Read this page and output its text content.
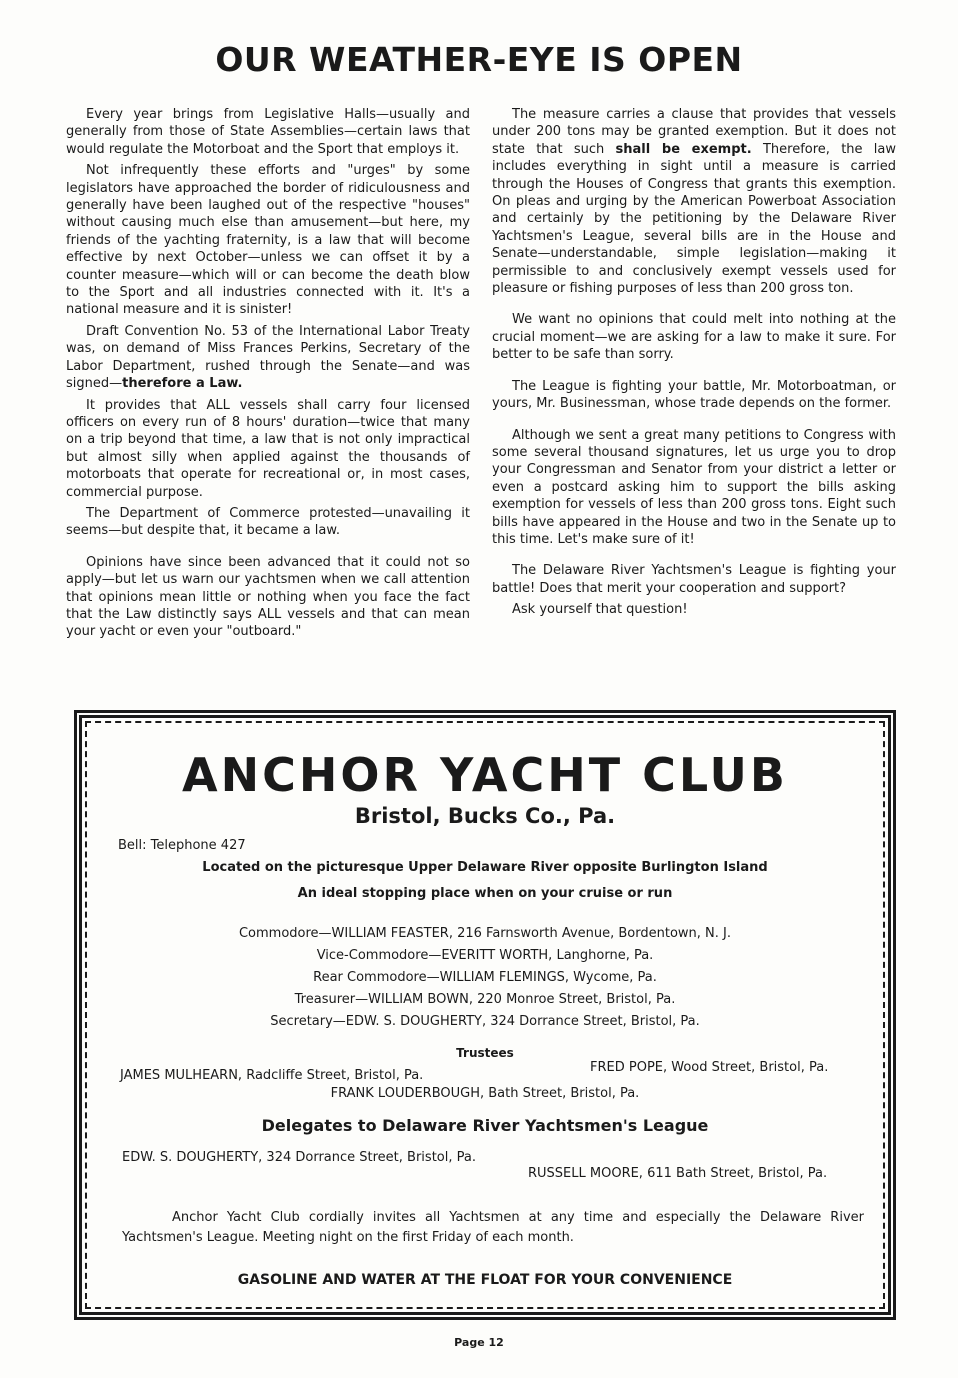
OUR WEATHER-EYE IS OPEN

Every year brings from Legislative Halls—usually and generally from those of State Assemblies—certain laws that would regulate the Motorboat and the Sport that employs it.

Not infrequently these efforts and "urges" by some legislators have approached the border of ridiculousness and generally have been laughed out of the respective "houses" without causing much else than amusement—but here, my friends of the yachting fraternity, is a law that will become effective by next October—unless we can offset it by a counter measure—which will or can become the death blow to the Sport and all industries connected with it. It's a national measure and it is sinister!

Draft Convention No. 53 of the International Labor Treaty was, on demand of Miss Frances Perkins, Secretary of the Labor Department, rushed through the Senate—and was signed—therefore a Law.

It provides that ALL vessels shall carry four licensed officers on every run of 8 hours' duration—twice that many on a trip beyond that time, a law that is not only impractical but almost silly when applied against the thousands of motorboats that operate for recreational or, in most cases, commercial purpose.

The Department of Commerce protested—unavailing it seems—but despite that, it became a law.

Opinions have since been advanced that it could not so apply—but let us warn our yachtsmen when we call attention that opinions mean little or nothing when you face the fact that the Law distinctly says ALL vessels and that can mean your yacht or even your "outboard."

The measure carries a clause that provides that vessels under 200 tons may be granted exemption. But it does not state that such shall be exempt. Therefore, the law includes everything in sight until a measure is carried through the Houses of Congress that grants this exemption. On pleas and urging by the American Powerboat Association and certainly by the petitioning by the Delaware River Yachtsmen's League, several bills are in the House and Senate—understandable, simple legislation—making it permissible to and conclusively exempt vessels used for pleasure or fishing purposes of less than 200 gross ton.

We want no opinions that could melt into nothing at the crucial moment—we are asking for a law to make it sure. For better to be safe than sorry.

The League is fighting your battle, Mr. Motorboatman, or yours, Mr. Businessman, whose trade depends on the former.

Although we sent a great many petitions to Congress with some several thousand signatures, let us urge you to drop your Congressman and Senator from your district a letter or even a postcard asking him to support the bills asking exemption for vessels of less than 200 gross tons. Eight such bills have appeared in the House and two in the Senate up to this time. Let's make sure of it!

The Delaware River Yachtsmen's League is fighting your battle! Does that merit your cooperation and support?

Ask yourself that question!

ANCHOR YACHT CLUB
Bristol, Bucks Co., Pa.
Bell: Telephone 427
Located on the picturesque Upper Delaware River opposite Burlington Island
An ideal stopping place when on your cruise or run
Commodore—WILLIAM FEASTER, 216 Farnsworth Avenue, Bordentown, N. J.
Vice-Commodore—EVERITT WORTH, Langhorne, Pa.
Rear Commodore—WILLIAM FLEMINGS, Wycome, Pa.
Treasurer—WILLIAM BOWN, 220 Monroe Street, Bristol, Pa.
Secretary—EDW. S. DOUGHERTY, 324 Dorrance Street, Bristol, Pa.
Trustees
JAMES MULHEARN, Radcliffe Street, Bristol, Pa.
FRED POPE, Wood Street, Bristol, Pa.
FRANK LOUDERBOUGH, Bath Street, Bristol, Pa.
Delegates to Delaware River Yachtsmen's League
EDW. S. DOUGHERTY, 324 Dorrance Street, Bristol, Pa.
RUSSELL MOORE, 611 Bath Street, Bristol, Pa.
Anchor Yacht Club cordially invites all Yachtsmen at any time and especially the Delaware River Yachtsmen's League. Meeting night on the first Friday of each month.
GASOLINE AND WATER AT THE FLOAT FOR YOUR CONVENIENCE
Page 12
